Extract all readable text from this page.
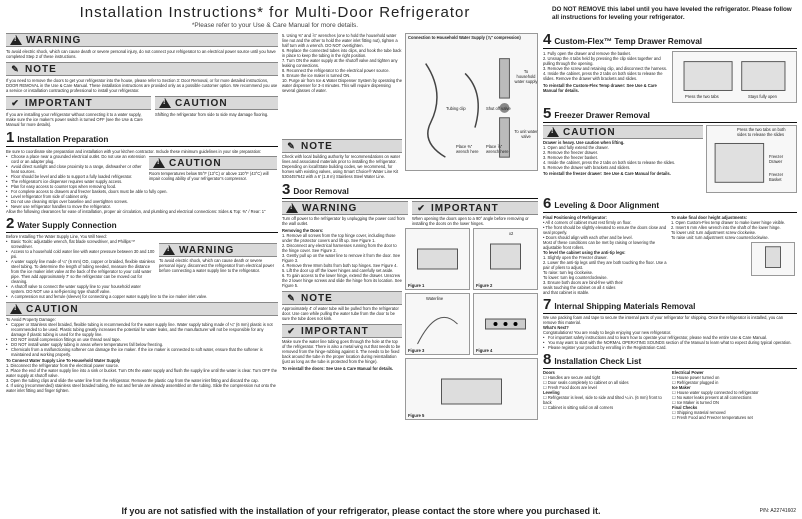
Installation Instructions* for Multi-Door Refrigerator
*Please refer to your Use & Care Manual for more details.
DO NOT REMOVE this label until you have leveled the refrigerator. Please follow all instructions for leveling your refrigerator.
!
WARNING
To avoid electric shock, which can cause death or severe personal injury, do not connect your refrigerator to an electrical power source until you have completed Step 2 of these instructions.
✎ NOTE
If you need to remove the doors to get your refrigerator into the house, please refer to Section 3: Door Removal, or for more detailed instructions, DOOR REMOVAL in the Use & Care Manual. These installation instructions are provided only as a possible customer option. We recommend you use a service or installation contracting professional to install your refrigerator.
✔ IMPORTANT
If you are installing your refrigerator without connecting it to a water supply, make sure the ice maker's power switch is turned OFF (see the Use & Care Manual for more details).
!
CAUTION
Shifting the refrigerator from side to side may damage flooring.
1 Installation Preparation
Be sure to coordinate site preparation and installation with your kitchen contractor. Include these minimum guidelines in your site preparation:
• Choose a place near a grounded electrical outlet. Do not use an extension cord or an adapter plug.
• Avoid direct sunlight and close proximity to a range, dishwasher or other heat sources.
• Floor should be level and able to support a fully loaded refrigerator.
• The refrigerator's ice dispenser requires water supply access.
!
CAUTION
Room temperatures below 55°F (13°C) or above 110°F (43°C) will impair cooling ability of your refrigerator's compressor.
• Plan for easy access to counter tops when removing food.
• For complete access to drawers and freezer baskets, doors must be able to fully open.
• Level refrigerator from side of cabinet only.
• Do not use cleaning strips over baseline and overtighten screws.
• Never use refrigerator handles to move the refrigerator.
Allow the following clearances for ease of installation, proper air circulation, and plumbing and electrical connections: Sides & Top: ⅜" / Rear: 1"
2 Water Supply Connection
Before Installing The Water Supply Line, You Will Need:
• Basic Tools: adjustable wrench, flat blade screwdriver, and Phillips™ screwdriver.
• Access to a household cold water line with water pressure between 30 and 100 psi.
• A water supply line made of ¼" (6 mm) OD, copper or braided, flexible stainless steel tubing. To determine the length of tubing needed, measure the distance from the ice maker inlet valve at the back of the refrigerator to your cold water pipe. Then add approximately 7' so the refrigerator can be moved out for cleaning.
• A shutoff valve to connect the water supply line to your household water system. DO NOT use a self-piercing type shutoff valve.
!
WARNING
To avoid electric shock, which can cause death or severe personal injury, disconnect the refrigerator from electrical power before connecting a water supply line to the refrigerator.
• A compression nut and ferrule (sleeve) for connecting a copper water supply line to the ice maker inlet valve.
!
CAUTION
To Avoid Property Damage:
• Copper or Stainless steel braided, flexible tubing is recommended for the water supply line. Water supply tubing made of ¼" (6 mm) plastic is not recommended to be used. Plastic tubing greatly increases the potential for water leaks, and the manufacturer will not be responsible for any damage if plastic tubing is used for the supply line.
• DO NOT install compression fittings on use thread seal tape.
• DO NOT install water supply tubing in areas where temperatures fall below freezing.
• Chemicals from a malfunctioning softener can damage the ice maker. If the ice maker is connected to soft water, ensure that the softener is maintained and working properly.
To Connect Water Supply Line To Household Water Supply
1. Disconnect the refrigerator from the electrical power source.
2. Place the end of the water supply line into a sink or bucket. Turn ON the water supply and flush the supply line until the water is clear. Turn OFF the water supply at shutoff valve.
3. Open the tubing clips and slide the water line from the refrigerator. Remove the plastic cap from the water inlet fitting and discard the cap.
4. If using (recommended) stainless steel braided tubing, the nut and ferrule are already assembled on the tubing. Slide the compression nut onto the water inlet fitting and finger tighten.
5. Using ⅜" and ⅞" wrenches (one to hold the household water line nut and the other to hold the water inlet fitting nut), tighten a half turn with a wrench. DO NOT overtighten.
6. Replace the connected tubes into clips, and hook the tube back in place to keep the tubing in the right position.
7. Turn ON the water supply at the shutoff valve and tighten any leaking connections.
8. Reconnect the refrigerator to the electrical power source.
9. Ensure the ice maker is turned ON.
10. Purge air from Ice & Water Dispenser System by operating the water dispenser for 3-4 minutes. This will require dispensing several glasses of water.
Connection to Household Water Supply (⅞" compression)
To household water supply
Tubing clip	Shut off valve
To unit water valve
Place ⅜" wrench here
Place ⅞" wrench here
✎ NOTE
Check with local building authority for recommendations on water lines and associated materials prior to installing the refrigerator. Depending on local/State building codes, we recommend, for homes with existing valves, using Smart Choice® Water Line Kit 5304457642 with a 6' (1.8 m) Stainless Steel Water Line.
3 Door Removal
!
WARNING
Turn off power to the refrigerator by unplugging the power cord from the wall outlet.
✔ IMPORTANT
When opening the doors open to a 90° angle before removing or installing the doors on the lower hinges.
Removing the Doors:
1. Remove all screws from the top hinge cover, including those under the protector covers and lift up. See Figure 1.
2. Disconnect any electrical harnesses running from the door to the hinge cover. See Figure 2.
3. Gently pull up on the water line to remove it from the door. See Figure 3.
4. Remove three 8mm bolts from both top hinges. See Figure 4.
5. Lift the door up off the lower hinges and carefully set aside.
6. To gain access to the lower hinge, extend the drawer. Unscrew the 2 lower hinge screws and slide the hinge from its location. See Figure 5.
✎ NOTE
Approximately 4' of water tube will be pulled from the refrigerator door. Use care while pulling the water tube from the door to be sure the tube does not kink.
✔ IMPORTANT
Make sure the water line tubing goes through the hole at the top of the refrigerator. There is also a metal wing nut that needs to be removed from the hinge-rubbing against it. The needs to be fixed back around the tube in the proper location during reinstallation (just as long as the tube is protected from the hinge).
To reinstall the doors: See Use & Care Manual for details.
Figure 1
x2
Figure 2
Waterline
Figure 3	Figure 4
Figure 5
4 Custom-Flex™ Temp Drawer Removal
1. Fully open the drawer and remove the basket.
2. Unsnap the 4 tabs held by pressing the clip sides together and pulling through the opening.
3. Remove the screw and retaining clip, and disconnect the harness.
4. Inside the cabinet, press the 2 tabs on both sides to release the slides. Remove the drawer with brackets and slides.
To reinstall the Custom-Flex Temp drawer: See Use & Care Manual for details.
Press the two tabs	Stays fully open
5 Freezer Drawer Removal
!
CAUTION
Drawer is heavy. Use caution when lifting.
1. Open and fully extend the drawer.
2. Remove the freezer drawer.
3. Remove the freezer basket.
4. Inside the cabinet, press the 2 tabs on both sides to release the slides.
5. Remove the drawer with brackets and sliders.
To reinstall the freezer drawer: See Use & Care Manual for details.
Press the two tabs on both sides to release the slides
Freezer Drawer
Freezer Basket
6 Leveling & Door Alignment
Final Positioning of Refrigerator:
• All 4 corners of cabinet must rest firmly on floor.
• The front should be slightly elevated to ensure the doors close and seal properly.
• Doors should align with each other and be level.
Most of these conditions can be met by raising or lowering the adjustable front rollers.
To level the cabinet using the anti-tip legs:
1. Slightly open the Freezer drawer.
2. Lower the anti-tip legs until they are both touching the floor. Use a pair of pliers to adjust.
To raise: turn leg clockwise.
To lower: turn leg counterclockwise.
3. Ensure both doors are bind-free with their seals touching the cabinet on all 4 sides and that cabinet is stable.
To make final door height adjustments:
1. Open Custom-Flex temp drawer to make lower hinge visible.
2. Insert 6 mm Allen wrench into the shaft of the lower hinge.
To lower unit: turn adjustment screw clockwise.
To raise unit: turn adjustment screw counterclockwise.
7 Internal Shipping Materials Removal
We use packing foam and tape to secure the internal parts of your refrigerator for shipping. Once the refrigerator is installed, you can remove this material.
What's Next?
Congratulations! You are ready to begin enjoying your new refrigerator.
• For important safety instructions and to learn how to operate your refrigerator, please read the entire Use & Care Manual.
• You may want to start with the NORMAL OPERATING SOUNDS section of the Manual to learn what to expect during typical operation.
• Please register your product by enrolling in the Registration Card.
8 Installation Check List
Doors
☐ Handles are secure and tight
☐ Door seals completely to cabinet on all sides
☐ Fresh Food doors are level
Leveling
☐ Refrigerator is level, side to side and tilted ¼ in. (6 mm) front to back
☐ Cabinet is sitting solid on all corners
Electrical Power
☐ House power turned on
☐ Refrigerator plugged in
Ice Maker
☐ House water supply connected to refrigerator
☐ No water leaks present at all connections
☐ Ice Maker is turned ON
Final Checks
☐ Shipping material removed
☐ Fresh Food and Freezer temperatures set
If you are not satisfied with the installation of your refrigerator, please contact the store where you purchased it.	P/N: A22741602
